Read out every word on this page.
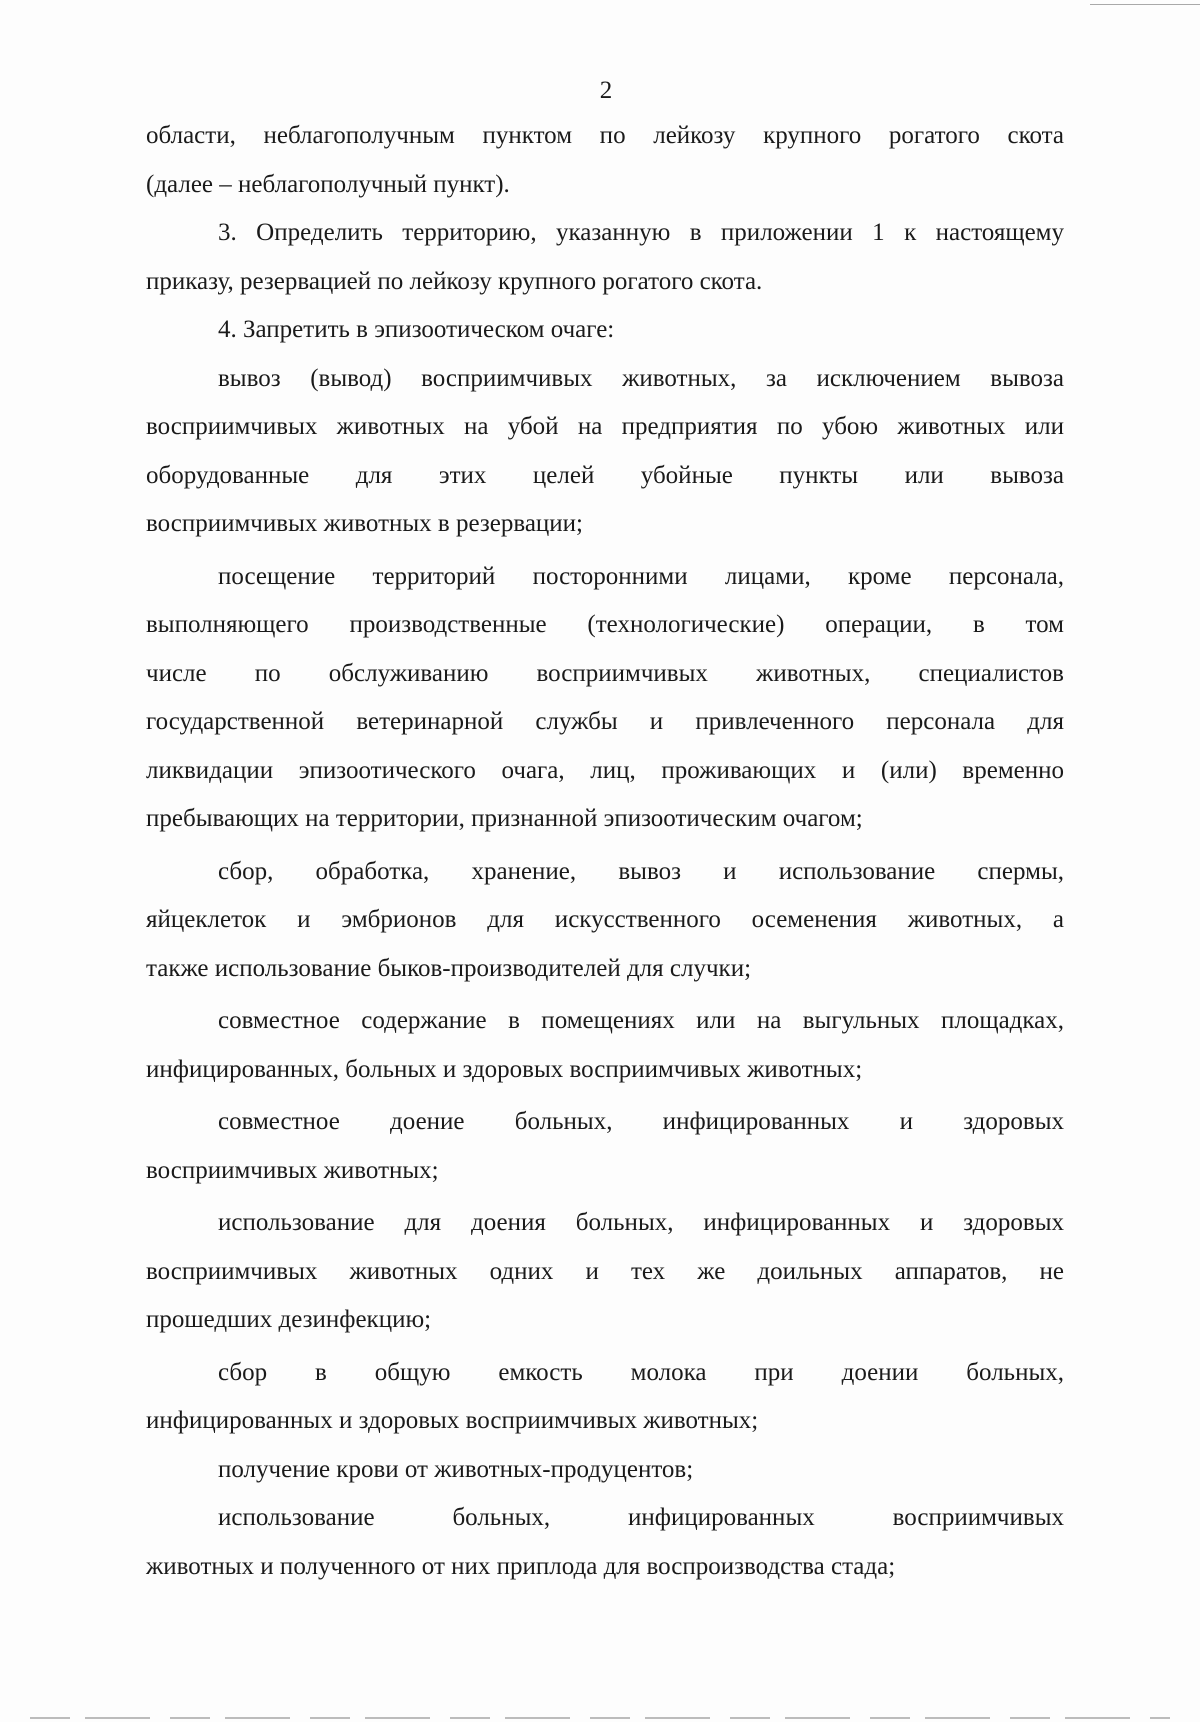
2
области, неблагополучным пунктом по лейкозу крупного рогатого скота
(далее – неблагополучный пункт).
3. Определить территорию, указанную в приложении 1 к настоящему
приказу, резервацией по лейкозу крупного рогатого скота.
4. Запретить в эпизоотическом очаге:
вывоз (вывод) восприимчивых животных, за исключением вывоза
восприимчивых животных на убой на предприятия по убою животных или
оборудованные для этих целей убойные пункты или вывоза
восприимчивых животных в резервации;
посещение территорий посторонними лицами, кроме персонала,
выполняющего производственные (технологические) операции, в том
числе по обслуживанию восприимчивых животных, специалистов
государственной ветеринарной службы и привлеченного персонала для
ликвидации эпизоотического очага, лиц, проживающих и (или) временно
пребывающих на территории, признанной эпизоотическим очагом;
сбор, обработка, хранение, вывоз и использование спермы,
яйцеклеток и эмбрионов для искусственного осеменения животных, а
также использование быков-производителей для случки;
совместное содержание в помещениях или на выгульных площадках,
инфицированных, больных и здоровых восприимчивых животных;
совместное доение больных, инфицированных и здоровых
восприимчивых животных;
использование для доения больных, инфицированных и здоровых
восприимчивых животных одних и тех же доильных аппаратов, не
прошедших дезинфекцию;
сбор в общую емкость молока при доении больных,
инфицированных и здоровых восприимчивых животных;
получение крови от животных-продуцентов;
использование больных, инфицированных восприимчивых
животных и полученного от них приплода для воспроизводства стада;
